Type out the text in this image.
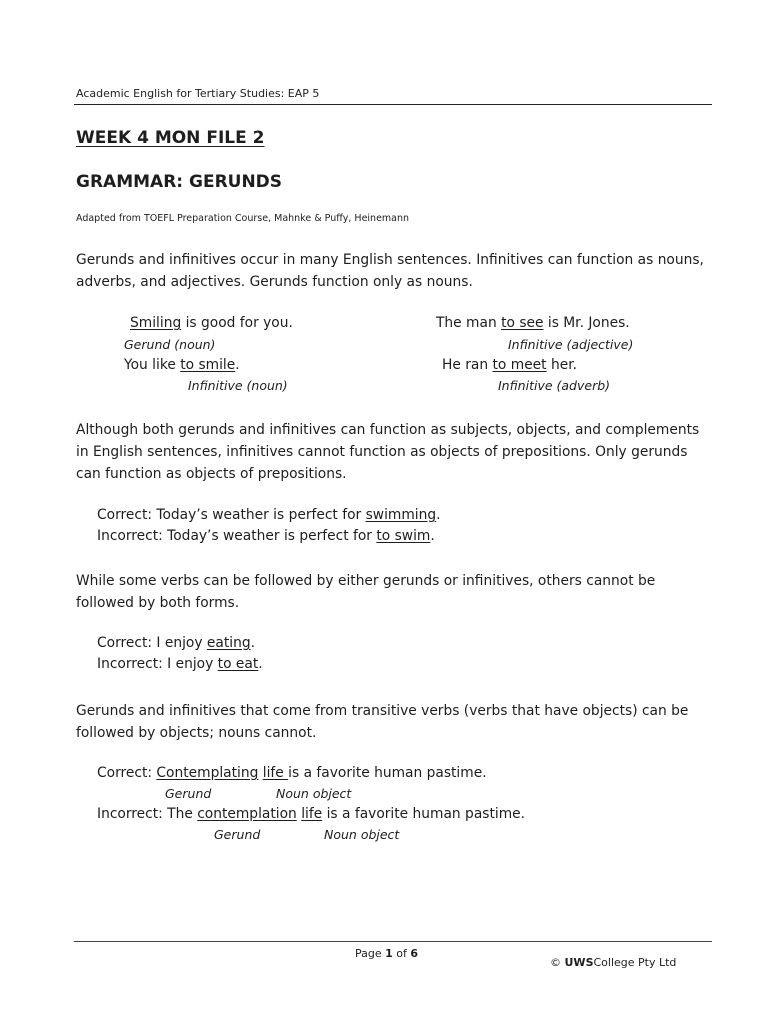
Academic English for Tertiary Studies: EAP 5
WEEK 4 MON FILE 2
GRAMMAR: GERUNDS
Adapted from TOEFL Preparation Course, Mahnke & Puffy, Heinemann
Gerunds and infinitives occur in many English sentences. Infinitives can function as nouns, adverbs, and adjectives. Gerunds function only as nouns.
Smiling is good for you.
Gerund (noun)
You like to smile.
Infinitive (noun)
The man to see is Mr. Jones.
Infinitive (adjective)
He ran to meet her.
Infinitive (adverb)
Although both gerunds and infinitives can function as subjects, objects, and complements in English sentences, infinitives cannot function as objects of prepositions. Only gerunds can function as objects of prepositions.
Correct: Today’s weather is perfect for swimming.
Incorrect: Today’s weather is perfect for to swim.
While some verbs can be followed by either gerunds or infinitives, others cannot be followed by both forms.
Correct: I enjoy eating.
Incorrect: I enjoy to eat.
Gerunds and infinitives that come from transitive verbs (verbs that have objects) can be followed by objects; nouns cannot.
Correct: Contemplating life is a favorite human pastime.
Gerund	Noun object
Incorrect: The contemplation life is a favorite human pastime.
Gerund	Noun object
Page 1 of 6
© UWSCollege Pty Ltd
